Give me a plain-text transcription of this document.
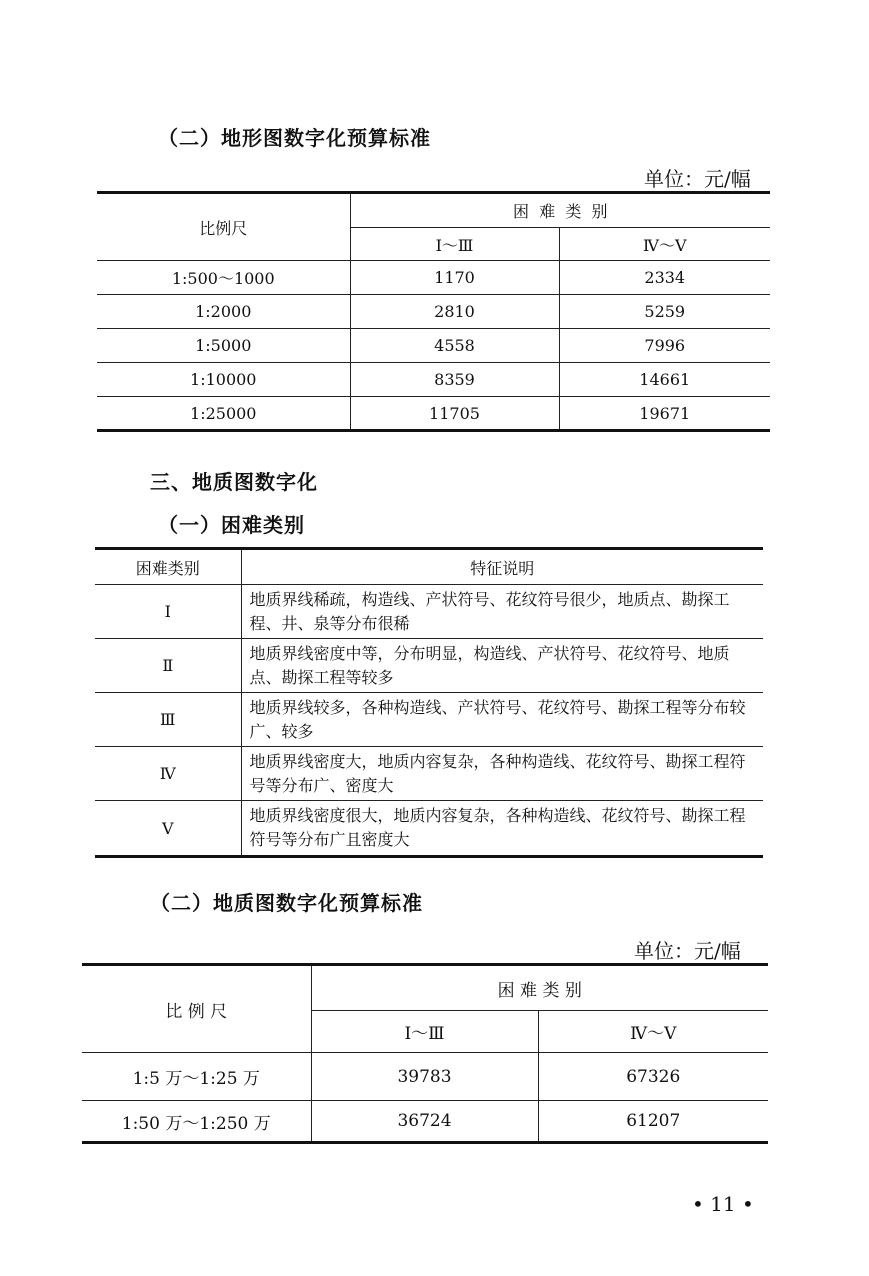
（二）地形图数字化预算标准
单位：元/幅
比例尺	困  难  类  别	
	Ⅰ～Ⅲ	Ⅳ～Ⅴ
1:500～1000	1170	2334
1:2000	2810	5259
1:5000	4558	7996
1:10000	8359	14661
1:25000	11705	19671
三、地质图数字化
（一）困难类别
困难类别	特征说明
Ⅰ	地质界线稀疏，构造线、产状符号、花纹符号很少，地质点、勘探工程、井、泉等分布很稀
Ⅱ	地质界线密度中等，分布明显，构造线、产状符号、花纹符号、地质点、勘探工程等较多
Ⅲ	地质界线较多，各种构造线、产状符号、花纹符号、勘探工程等分布较广、较多
Ⅳ	地质界线密度大，地质内容复杂，各种构造线、花纹符号、勘探工程符号等分布广、密度大
Ⅴ	地质界线密度很大，地质内容复杂，各种构造线、花纹符号、勘探工程符号等分布广且密度大
（二）地质图数字化预算标准
单位：元/幅
比 例 尺	困 难 类 别	
	Ⅰ～Ⅲ	Ⅳ～Ⅴ
1:5 万～1:25 万	39783	67326
1:50 万～1:250 万	36724	61207
• 11 •
